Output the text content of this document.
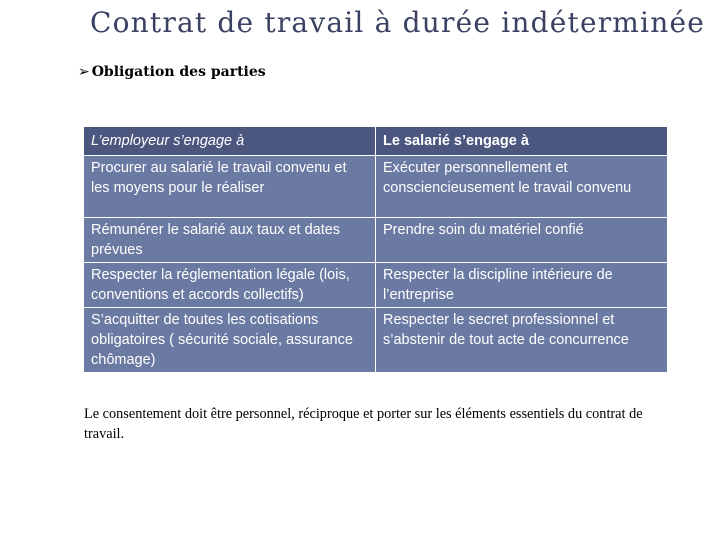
Contrat de travail à durée indéterminée
➢ Obligation des parties
L’employeur s’engage à	Le salarié s’engage à
Procurer au salarié le travail convenu et les moyens pour le réaliser	Exécuter personnellement et consciencieusement le travail convenu
Rémunérer le salarié aux taux et dates prévues	Prendre soin du matériel confié
Respecter la réglementation légale (lois, conventions et accords collectifs)	Respecter la discipline intérieure de l’entreprise
S’acquitter de toutes les cotisations obligatoires ( sécurité sociale, assurance chômage)	Respecter le secret professionnel et s’abstenir de tout acte de concurrence
Le consentement doit être personnel, réciproque et porter sur les éléments essentiels du contrat de travail.
